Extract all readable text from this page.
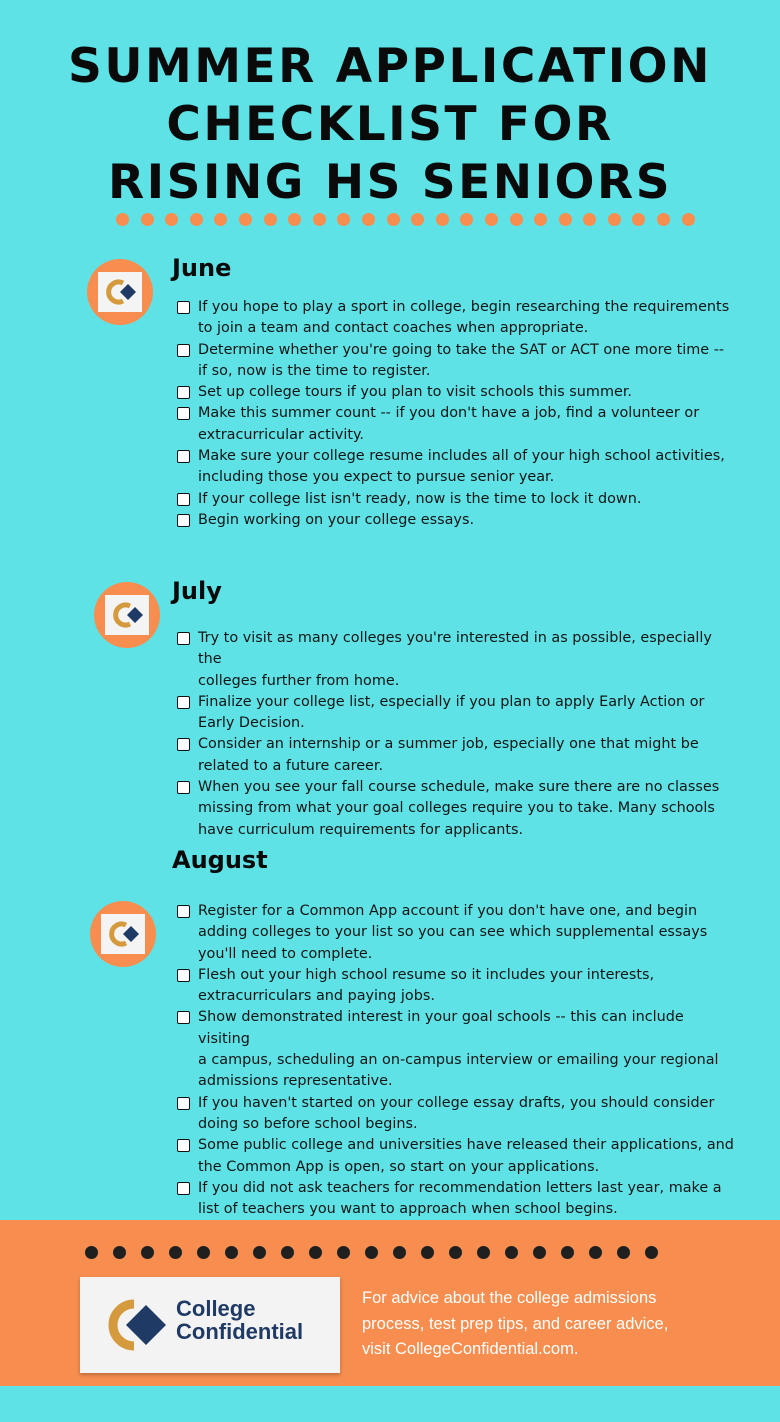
SUMMER APPLICATION
CHECKLIST FOR
RISING HS SENIORS
June
If you hope to play a sport in college, begin researching the requirements
to join a team and contact coaches when appropriate.
Determine whether you're going to take the SAT or ACT one more time --
if so, now is the time to register.
Set up college tours if you plan to visit schools this summer.
Make this summer count -- if you don't have a job, find a volunteer or
extracurricular activity.
Make sure your college resume includes all of your high school activities,
including those you expect to pursue senior year.
If your college list isn't ready, now is the time to lock it down.
Begin working on your college essays.
July
Try to visit as many colleges you're interested in as possible, especially the
colleges further from home.
Finalize your college list, especially if you plan to apply Early Action or
Early Decision.
Consider an internship or a summer job, especially one that might be
related to a future career.
When you see your fall course schedule, make sure there are no classes
missing from what your goal colleges require you to take. Many schools
have curriculum requirements for applicants.
August
Register for a Common App account if you don't have one, and begin
adding colleges to your list so you can see which supplemental essays
you'll need to complete.
Flesh out your high school resume so it includes your interests,
extracurriculars and paying jobs.
Show demonstrated interest in your goal schools -- this can include visiting
a campus, scheduling an on-campus interview or emailing your regional
admissions representative.
If you haven't started on your college essay drafts, you should consider
doing so before school begins.
Some public college and universities have released their applications, and
the Common App is open, so start on your applications.
If you did not ask teachers for recommendation letters last year, make a
list of teachers you want to approach when school begins.
College
Confidential
For advice about the college admissions
process, test prep tips, and career advice,
visit CollegeConfidential.com.
